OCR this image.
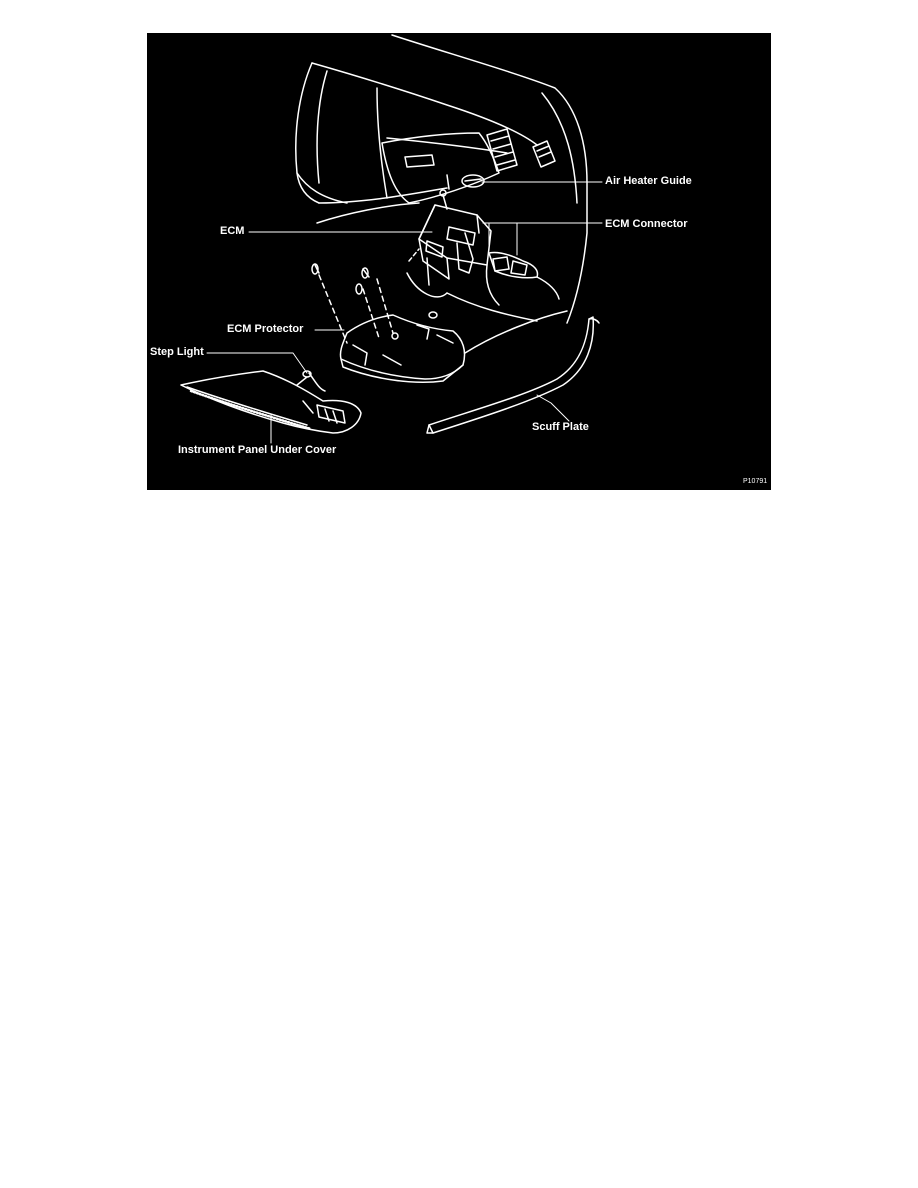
Air Heater Guide
ECM Connector
ECM
ECM Protector
Step Light
Instrument Panel Under Cover
Scuff Plate
P10791
